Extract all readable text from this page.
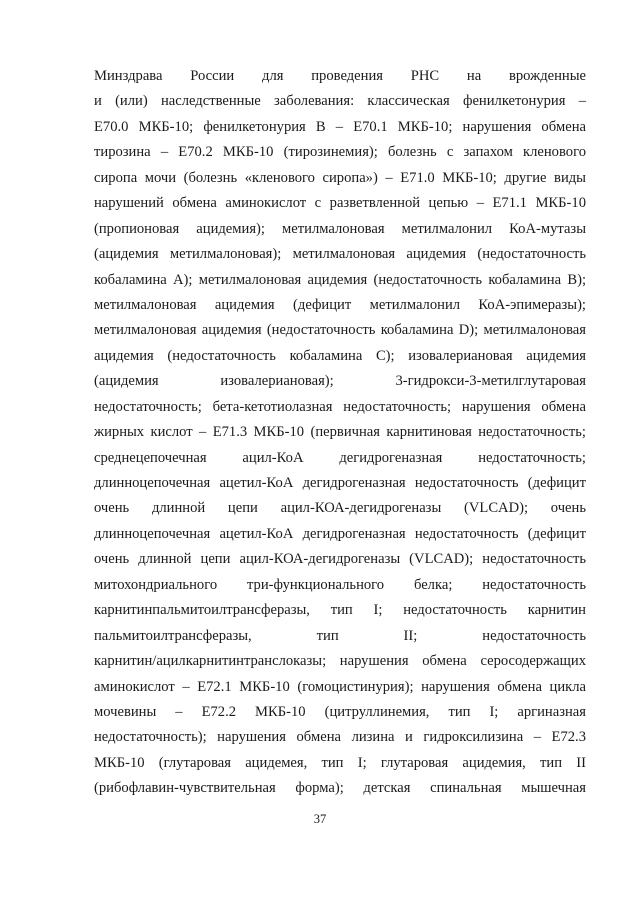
Минздрава России для проведения РНС на врожденные
и (или) наследственные заболевания: классическая фенилкетонурия –
E70.0 МКБ-10; фенилкетонурия В – E70.1 МКБ-10; нарушения обмена
тирозина – E70.2 МКБ-10 (тирозинемия); болезнь с запахом кленового
сиропа мочи (болезнь «кленового сиропа») – E71.0 МКБ-10; другие виды
нарушений обмена аминокислот с разветвленной цепью – E71.1 МКБ-10
(пропионовая ацидемия); метилмалоновая метилмалонил КоА-мутазы
(ацидемия метилмалоновая); метилмалоновая ацидемия (недостаточность
кобаламина А); метилмалоновая ацидемия (недостаточность кобаламина В);
метилмалоновая ацидемия (дефицит метилмалонил КоА-эпимеразы);
метилмалоновая ацидемия (недостаточность кобаламина D); метилмалоновая
ацидемия (недостаточность кобаламина С); изовалериановая ацидемия
(ацидемия изовалериановая); 3-гидрокси-3-метилглутаровая
недостаточность; бета-кетотиолазная недостаточность; нарушения обмена
жирных кислот – E71.3 МКБ-10 (первичная карнитиновая недостаточность;
среднецепочечная ацил-КоА дегидрогеназная недостаточность;
длинноцепочечная ацетил-КоА дегидрогеназная недостаточность (дефицит
очень длинной цепи ацил-КОА-дегидрогеназы (VLCAD); очень
длинноцепочечная ацетил-КоА дегидрогеназная недостаточность (дефицит
очень длинной цепи ацил-КОА-дегидрогеназы (VLCAD); недостаточность
митохондриального три-функционального белка; недостаточность
карнитинпальмитоилтрансферазы, тип I; недостаточность карнитин
пальмитоилтрансферазы, тип II; недостаточность
карнитин/ацилкарнитинтранслоказы; нарушения обмена серосодержащих
аминокислот – E72.1 МКБ-10 (гомоцистинурия); нарушения обмена цикла
мочевины – E72.2 МКБ-10 (цитруллинемия, тип I; аргиназная
недостаточность); нарушения обмена лизина и гидроксилизина – E72.3
МКБ-10 (глутаровая ацидемея, тип I; глутаровая ацидемия, тип II
(рибофлавин-чувствительная форма); детская спинальная мышечная
37
